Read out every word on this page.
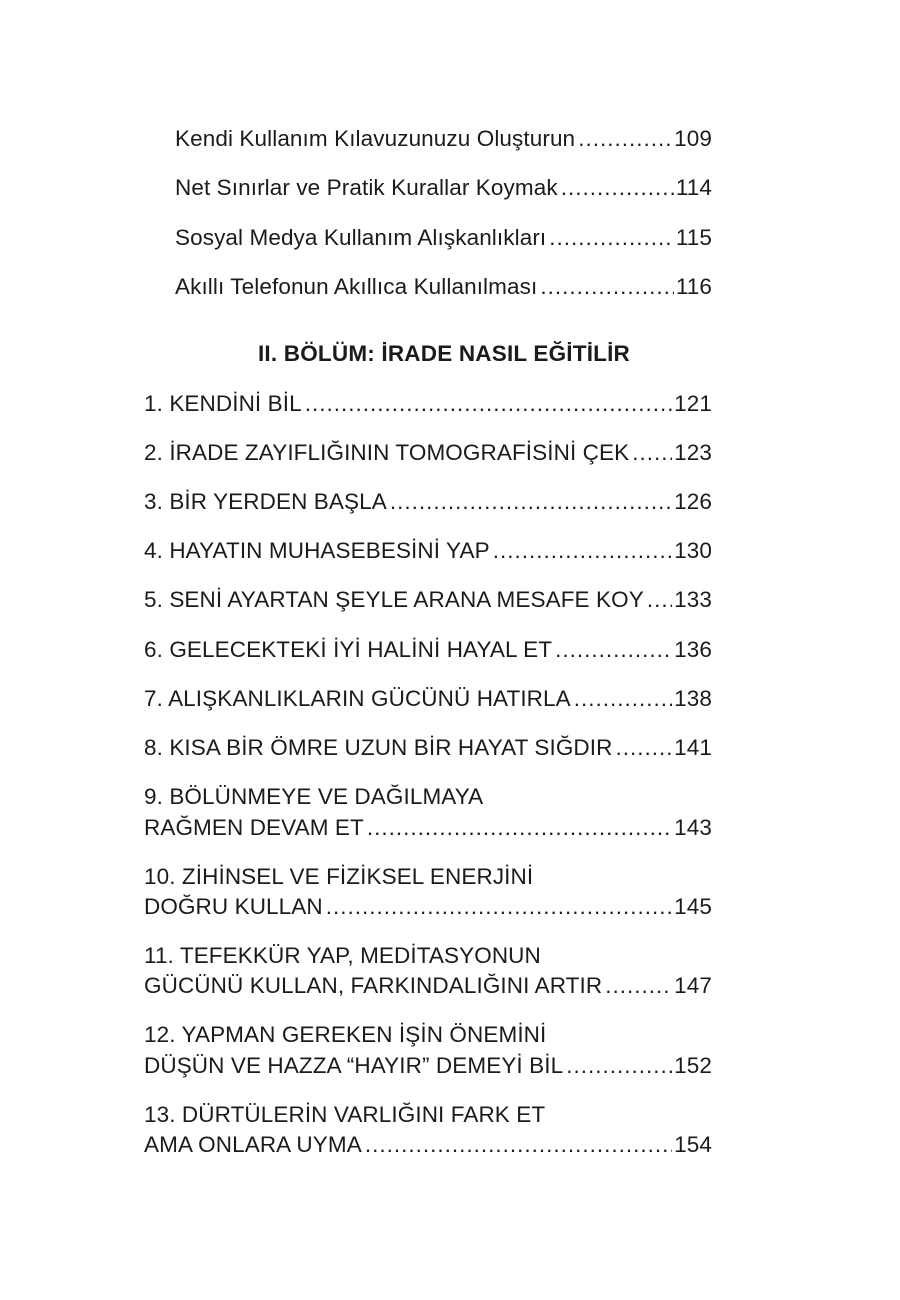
Kendi Kullanım Kılavuzunuzu Oluşturun .....	109
Net Sınırlar ve Pratik Kurallar Koymak .....	114
Sosyal Medya Kullanım Alışkanlıkları .....	115
Akıllı Telefonun Akıllıca Kullanılması .....	116
II. BÖLÜM: İRADE NASIL EĞİTİLİR
1. KENDİNİ BİL .....	121
2. İRADE ZAYIFLIĞININ TOMOGRAFİSİNİ ÇEK ..... 123
3. BİR YERDEN BAŞLA .....	126
4. HAYATIN MUHASEBESİNİ YAP .....	130
5. SENİ AYARTAN ŞEYLE ARANA MESAFE KOY ..... 133
6. GELECEKTEKİ İYİ HALİNİ HAYAL ET .....	136
7. ALIŞKANLIKLARIN GÜCÜNÜ HATIRLA .....	138
8. KISA BİR ÖMRE UZUN BİR HAYAT SIĞDIR .....	141
9. BÖLÜNMEYE VE DAĞILMAYA
RAĞMEN DEVAM ET .....	143
10. ZİHİNSEL VE FİZİKSEL ENERJİNİ
DOĞRU KULLAN .....	145
11. TEFEKKÜR YAP, MEDİTASYONUN
GÜCÜNÜ KULLAN, FARKINDALIĞINI ARTIR .....	147
12. YAPMAN GEREKEN İŞİN ÖNEMİNİ
DÜŞÜN VE HAZZA “HAYIR” DEMEYİ BİL .....	152
13. DÜRTÜLERİN VARLIĞINI FARK ET
AMA ONLARA UYMA .....	154
